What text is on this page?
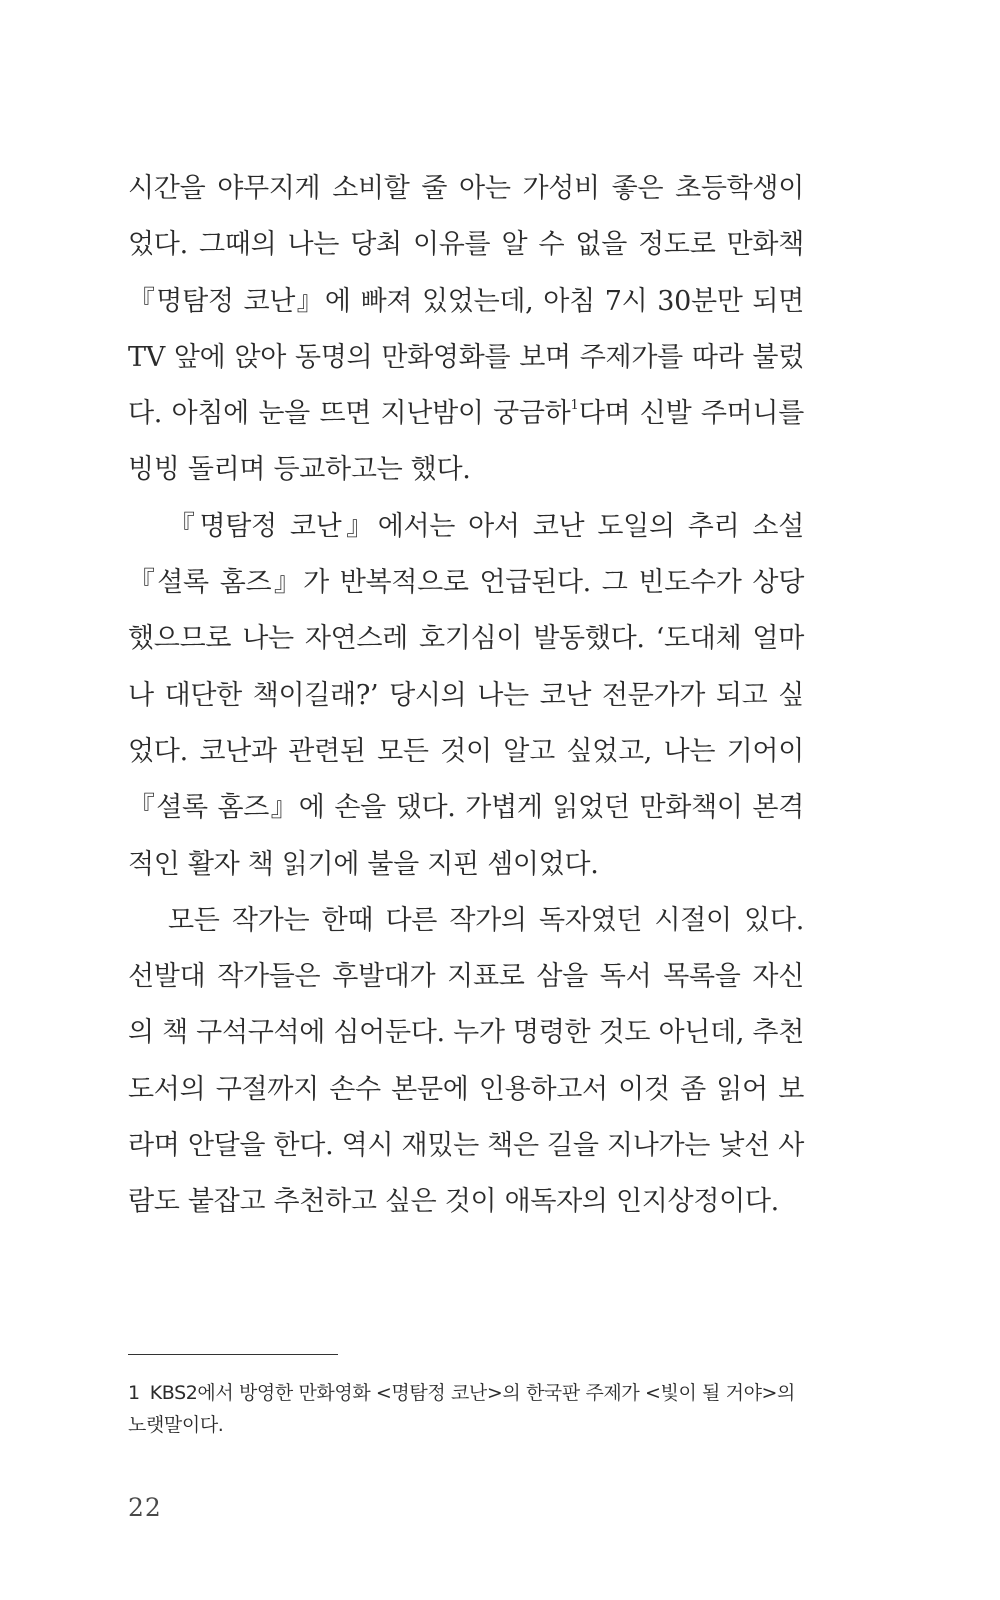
시간을 야무지게 소비할 줄 아는 가성비 좋은 초등학생이었다. 그때의 나는 당최 이유를 알 수 없을 정도로 만화책 『명탐정 코난』에 빠져 있었는데, 아침 7시 30분만 되면 TV 앞에 앉아 동명의 만화영화를 보며 주제가를 따라 불렀다. 아침에 눈을 뜨면 지난밤이 궁금하$^1$다며 신발 주머니를 빙빙 돌리며 등교하고는 했다.

『명탐정 코난』에서는 아서 코난 도일의 추리 소설 『셜록 홈즈』가 반복적으로 언급된다. 그 빈도수가 상당했으므로 나는 자연스레 호기심이 발동했다. ‘도대체 얼마나 대단한 책이길래?’ 당시의 나는 코난 전문가가 되고 싶었다. 코난과 관련된 모든 것이 알고 싶었고, 나는 기어이 『셜록 홈즈』에 손을 댔다. 가볍게 읽었던 만화책이 본격적인 활자 책 읽기에 불을 지핀 셈이었다.

모든 작가는 한때 다른 작가의 독자였던 시절이 있다. 선발대 작가들은 후발대가 지표로 삼을 독서 목록을 자신의 책 구석구석에 심어둔다. 누가 명령한 것도 아닌데, 추천 도서의 구절까지 손수 본문에 인용하고서 이것 좀 읽어 보라며 안달을 한다. 역시 재밌는 책은 길을 지나가는 낯선 사람도 붙잡고 추천하고 싶은 것이 애독자의 인지상정이다.

1 KBS2에서 방영한 만화영화 <명탐정 코난>의 한국판 주제가 <빛이 될 거야>의 노랫말이다.
22
